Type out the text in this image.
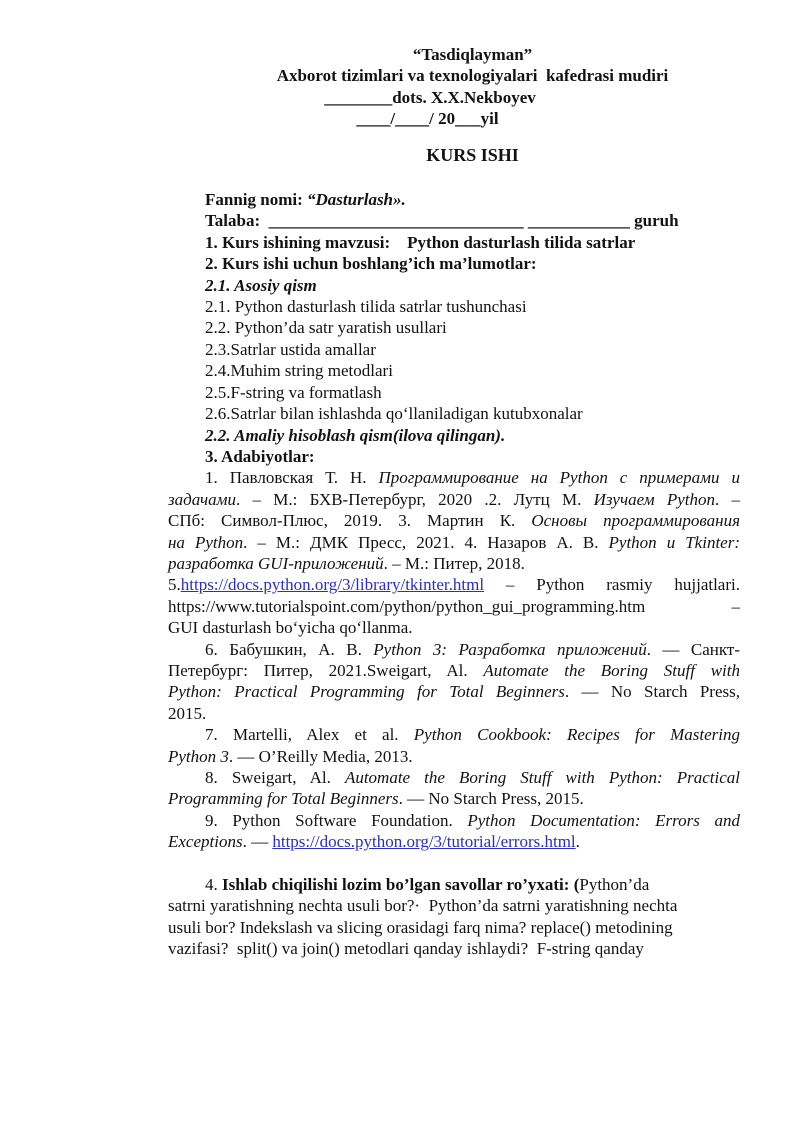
“Tasdiqlayman”
Axborot tizimlari va texnologiyalari  kafedrasi mudiri
________dots. X.X.Nekboyev
____/____/ 20___yil
KURS ISHI
Fannig nomi: “Dasturlash».
Talaba:  ______________________________ ____________ guruh
1. Kurs ishining mavzusi:    Python dasturlash tilida satrlar
2. Kurs ishi uchun boshlang’ich ma’lumotlar:
2.1. Asosiy qism
2.1. Python dasturlash tilida satrlar tushunchasi
2.2. Python’da satr yaratish usullari
2.3.Satrlar ustida amallar
2.4.Muhim string metodlari
2.5.F-string va formatlash
2.6.Satrlar bilan ishlashda qo‘llaniladigan kutubxonalar
2.2. Amaliy hisoblash qism(ilova qilingan).
3. Adabiyotlar:
1. Павловская Т. Н. Программирование на Python с примерами и
задачами. – М.: БХВ-Петербург, 2020 .2. Лутц М. Изучаем Python. –
СПб: Символ-Плюс, 2019. 3. Мартин К. Основы программирования
на Python. – М.: ДМК Пресс, 2021. 4. Назаров А. В. Python и Tkinter:
разработка GUI-приложений. – М.: Питер, 2018.
5.https://docs.python.org/3/library/tkinter.html – Python rasmiy hujjatlari.
https://www.tutorialspoint.com/python/python_gui_programming.htm –
GUI dasturlash bo‘yicha qo‘llanma.
6. Бабушкин, А. В. Python 3: Разработка приложений. — Санкт-
Петербург: Питер, 2021.Sweigart, Al. Automate the Boring Stuff with
Python: Practical Programming for Total Beginners. — No Starch Press,
2015.
7. Martelli, Alex et al. Python Cookbook: Recipes for Mastering
Python 3. — O’Reilly Media, 2013.
8. Sweigart, Al. Automate the Boring Stuff with Python: Practical
Programming for Total Beginners. — No Starch Press, 2015.
9. Python Software Foundation. Python Documentation: Errors and
Exceptions. — https://docs.python.org/3/tutorial/errors.html.
4. Ishlab chiqilishi lozim bo’lgan savollar ro’yxati: (Python’da
satrni yaratishning nechta usuli bor?·  Python’da satrni yaratishning nechta
usuli bor? Indekslash va slicing orasidagi farq nima? replace() metodining
vazifasi?  split() va join() metodlari qanday ishlaydi?  F-string qanday
